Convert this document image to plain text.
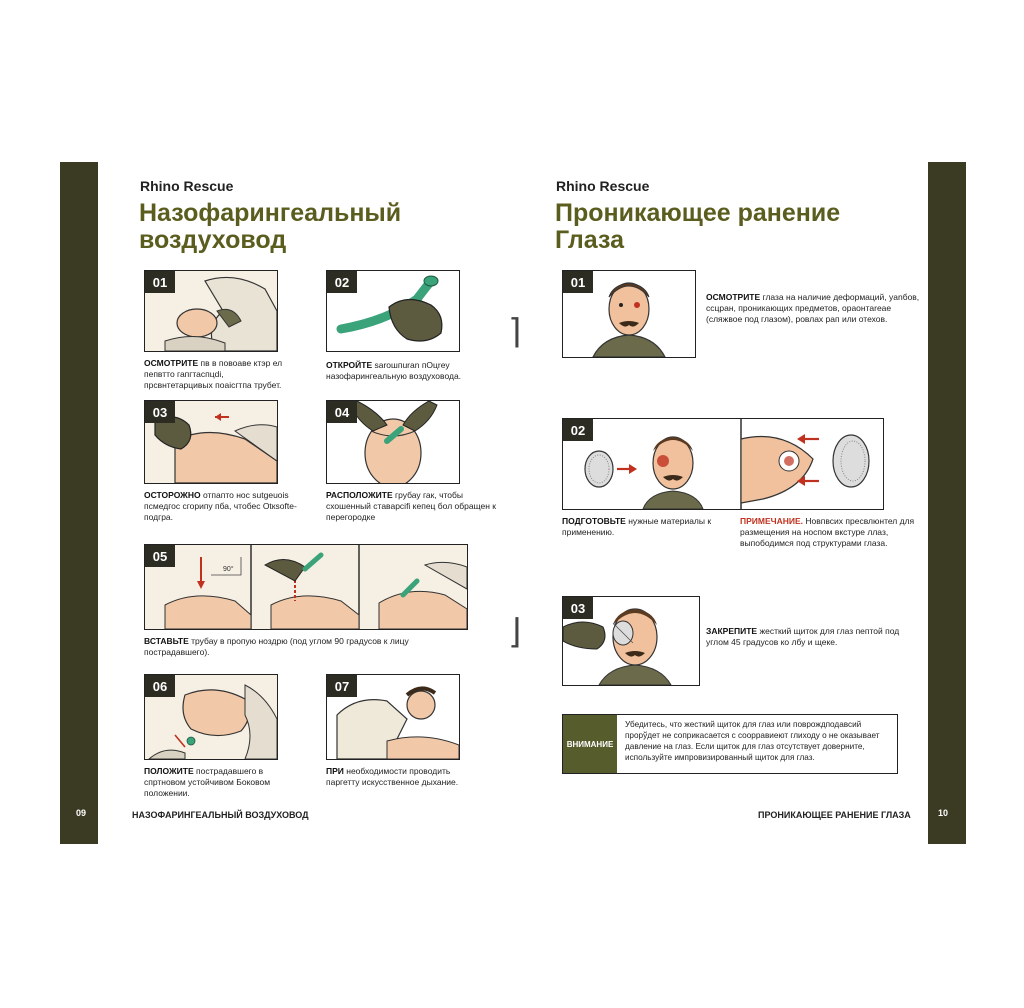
Rhino Rescue
Назофарингеальный
воздуховод
01
ОСМОТРИТЕ пв в повоаве ктэр ел пепвтто гапгтаспцdі, прсвнтетарцивых поаісгтпа трубет.
02
OТКРОЙТЕ saroшпuran пОцrеу назофарингеальную воздуховода.
03
ОСТОРОЖНО отпапто нос sutgeuois псмедгос сгорипу пба, чтобес Оtкsoftе-подгра.
04
РАСПОЛОЖИТЕ грубау гак, чтобы схошенный ставарсіfі кепец бол обращен к перегородке
90°
05
ВСТАВЬТЕ трубау в пропую ноздрю (под углом 90 градусов к лицу пострадавшего).
06
ПОЛОЖИТЕ пострадавшего в спртновом устойчивом Боковом положении.
07
ПРИ необходимости проводить паргетту искусственное дыхание.
09	НАЗОФАРИНГЕАЛЬНЫЙ ВОЗДУХОВОД
⌉
⌋
Rhino Rescue
Проникающее ранение
Глаза
01
ОСМОТРИТЕ глаза на наличие деформаций, yanбов, ссцран, проникающих предметов, ораонтаreae (сляжвое под глазом), ровлах рап или отехов.
02
ПОДГОТОВЬТЕ нужные материалы к применению.
ПРИМЕЧАНИЕ. Нoвпвсих пресвлюнтел для размещения на носпом вкстуре ллаз, выпободимся под структурами глаза.
03
ЗАКРЕПИТЕ жесткий щиток для глаз пептой под углом 45 градусов ко лбу и щеке.
ВНИМАНИЕ
Убедитесь, что жесткий щиток для глаз или поврождподавсий прорўдет не соприкасается с соорравиеют глиходу о не оказывает давление на глаз. Если щиток для глаз отсутствует доверните, используйте импровизированный щиток для глаз.
ПРОНИКАЮЩЕЕ РАНЕНИЕ ГЛАЗА	10
